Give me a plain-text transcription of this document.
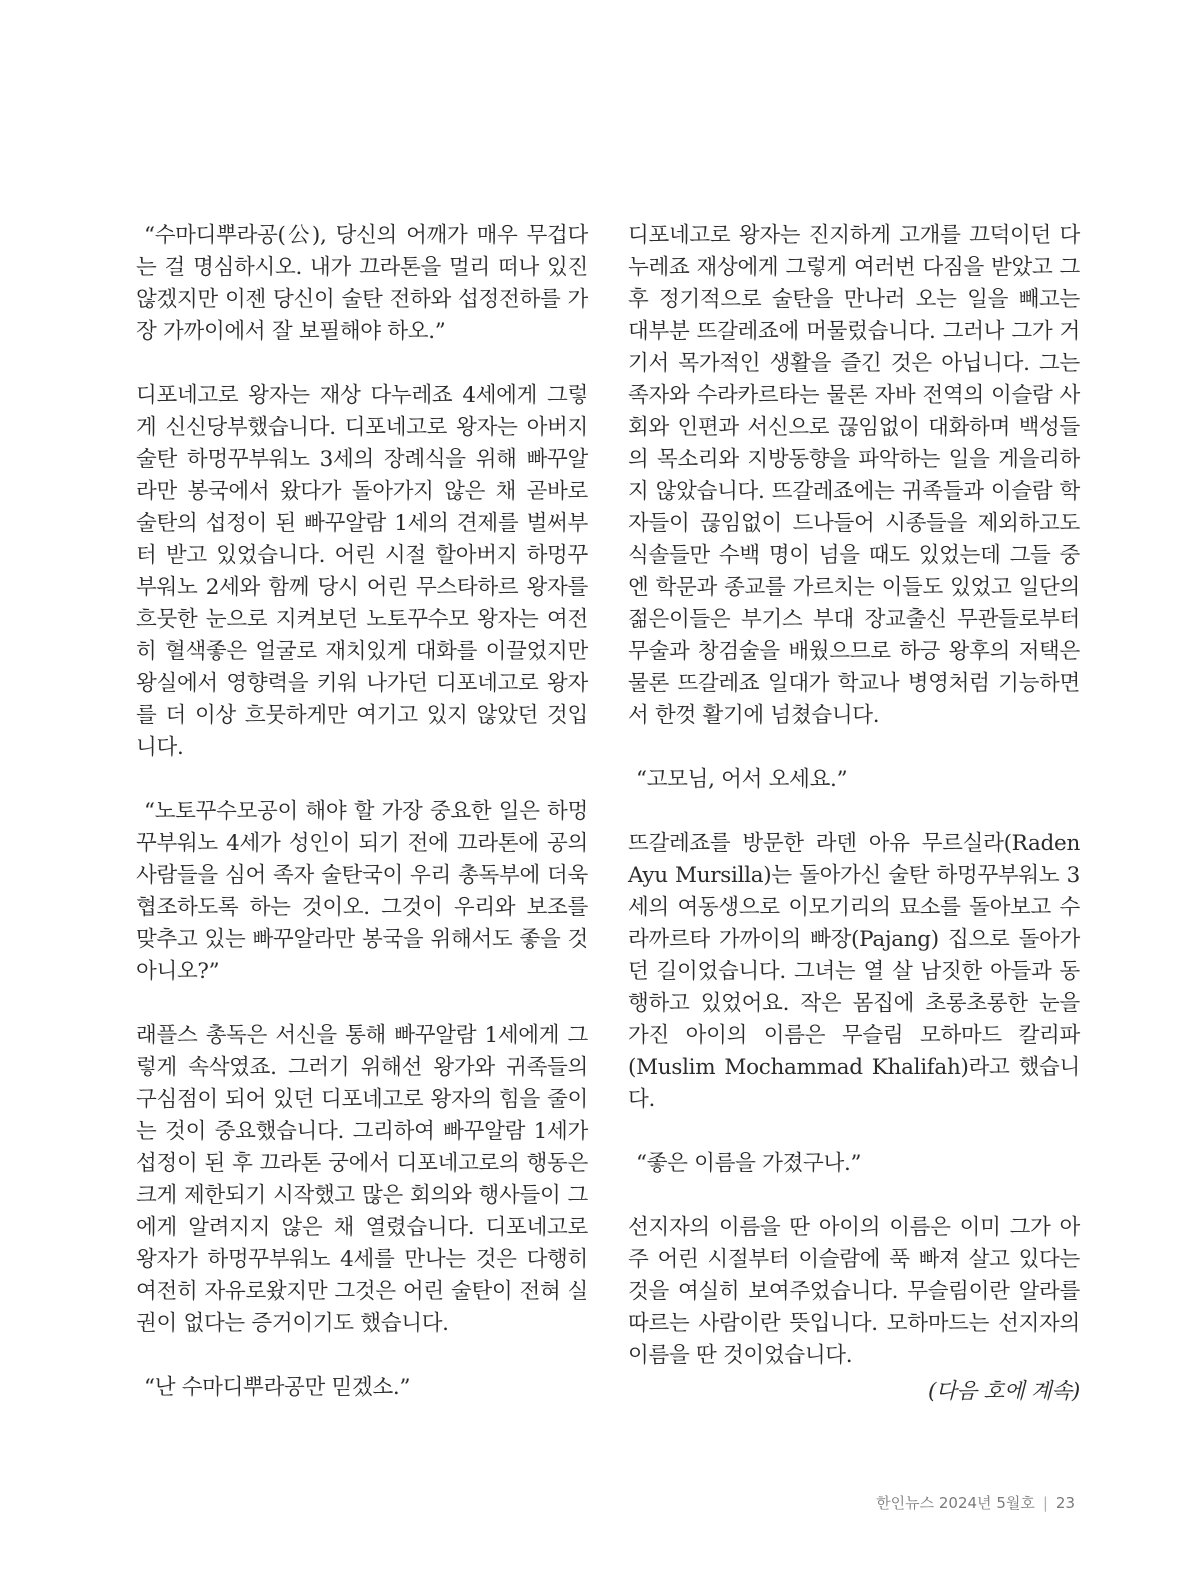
“수마디뿌라공(公), 당신의 어깨가 매우 무겁다는 걸 명심하시오. 내가 끄라톤을 멀리 떠나 있진 않겠지만 이젠 당신이 술탄 전하와 섭정전하를 가장 가까이에서 잘 보필해야 하오.”

디포네고로 왕자는 재상 다누레죠 4세에게 그렇게 신신당부했습니다. 디포네고로 왕자는 아버지 술탄 하멍꾸부워노 3세의 장례식을 위해 빠꾸알라만 봉국에서 왔다가 돌아가지 않은 채 곧바로 술탄의 섭정이 된 빠꾸알람 1세의 견제를 벌써부터 받고 있었습니다. 어린 시절 할아버지 하멍꾸부워노 2세와 함께 당시 어린 무스타하르 왕자를 흐뭇한 눈으로 지켜보던 노토꾸수모 왕자는 여전히 혈색좋은 얼굴로 재치있게 대화를 이끌었지만 왕실에서 영향력을 키워 나가던 디포네고로 왕자를 더 이상 흐뭇하게만 여기고 있지 않았던 것입니다.

“노토꾸수모공이 해야 할 가장 중요한 일은 하멍꾸부워노 4세가 성인이 되기 전에 끄라톤에 공의 사람들을 심어 족자 술탄국이 우리 총독부에 더욱 협조하도록 하는 것이오. 그것이 우리와 보조를 맞추고 있는 빠꾸알라만 봉국을 위해서도 좋을 것 아니오?”

래플스 총독은 서신을 통해 빠꾸알람 1세에게 그렇게 속삭였죠. 그러기 위해선 왕가와 귀족들의 구심점이 되어 있던 디포네고로 왕자의 힘을 줄이는 것이 중요했습니다. 그리하여 빠꾸알람 1세가 섭정이 된 후 끄라톤 궁에서 디포네고로의 행동은 크게 제한되기 시작했고 많은 회의와 행사들이 그에게 알려지지 않은 채 열렸습니다. 디포네고로 왕자가 하멍꾸부워노 4세를 만나는 것은 다행히 여전히 자유로왔지만 그것은 어린 술탄이 전혀 실권이 없다는 증거이기도 했습니다.

“난 수마디뿌라공만 믿겠소.”

디포네고로 왕자는 진지하게 고개를 끄덕이던 다누레죠 재상에게 그렇게 여러번 다짐을 받았고 그 후 정기적으로 술탄을 만나러 오는 일을 빼고는 대부분 뜨갈레죠에 머물렀습니다. 그러나 그가 거기서 목가적인 생활을 즐긴 것은 아닙니다. 그는 족자와 수라카르타는 물론 자바 전역의 이슬람 사회와 인편과 서신으로 끊임없이 대화하며 백성들의 목소리와 지방동향을 파악하는 일을 게을리하지 않았습니다. 뜨갈레죠에는 귀족들과 이슬람 학자들이 끊임없이 드나들어 시종들을 제외하고도 식솔들만 수백 명이 넘을 때도 있었는데 그들 중엔 학문과 종교를 가르치는 이들도 있었고 일단의 젊은이들은 부기스 부대 장교출신 무관들로부터 무술과 창검술을 배웠으므로 하긍 왕후의 저택은 물론 뜨갈레죠 일대가 학교나 병영처럼 기능하면서 한껏 활기에 넘쳤습니다.

“고모님, 어서 오세요.”

뜨갈레죠를 방문한 라덴 아유 무르실라(Raden Ayu Mursilla)는 돌아가신 술탄 하멍꾸부워노 3세의 여동생으로 이모기리의 묘소를 돌아보고 수라까르타 가까이의 빠장(Pajang) 집으로 돌아가던 길이었습니다. 그녀는 열 살 남짓한 아들과 동행하고 있었어요. 작은 몸집에 초롱초롱한 눈을 가진 아이의 이름은 무슬림 모하마드 칼리파(Muslim Mochammad Khalifah)라고 했습니다.

“좋은 이름을 가졌구나.”

선지자의 이름을 딴 아이의 이름은 이미 그가 아주 어린 시절부터 이슬람에 푹 빠져 살고 있다는 것을 여실히 보여주었습니다. 무슬림이란 알라를 따르는 사람이란 뜻입니다. 모하마드는 선지자의 이름을 딴 것이었습니다.

(다음 호에 계속)
한인뉴스 2024년 5월호 | 23
